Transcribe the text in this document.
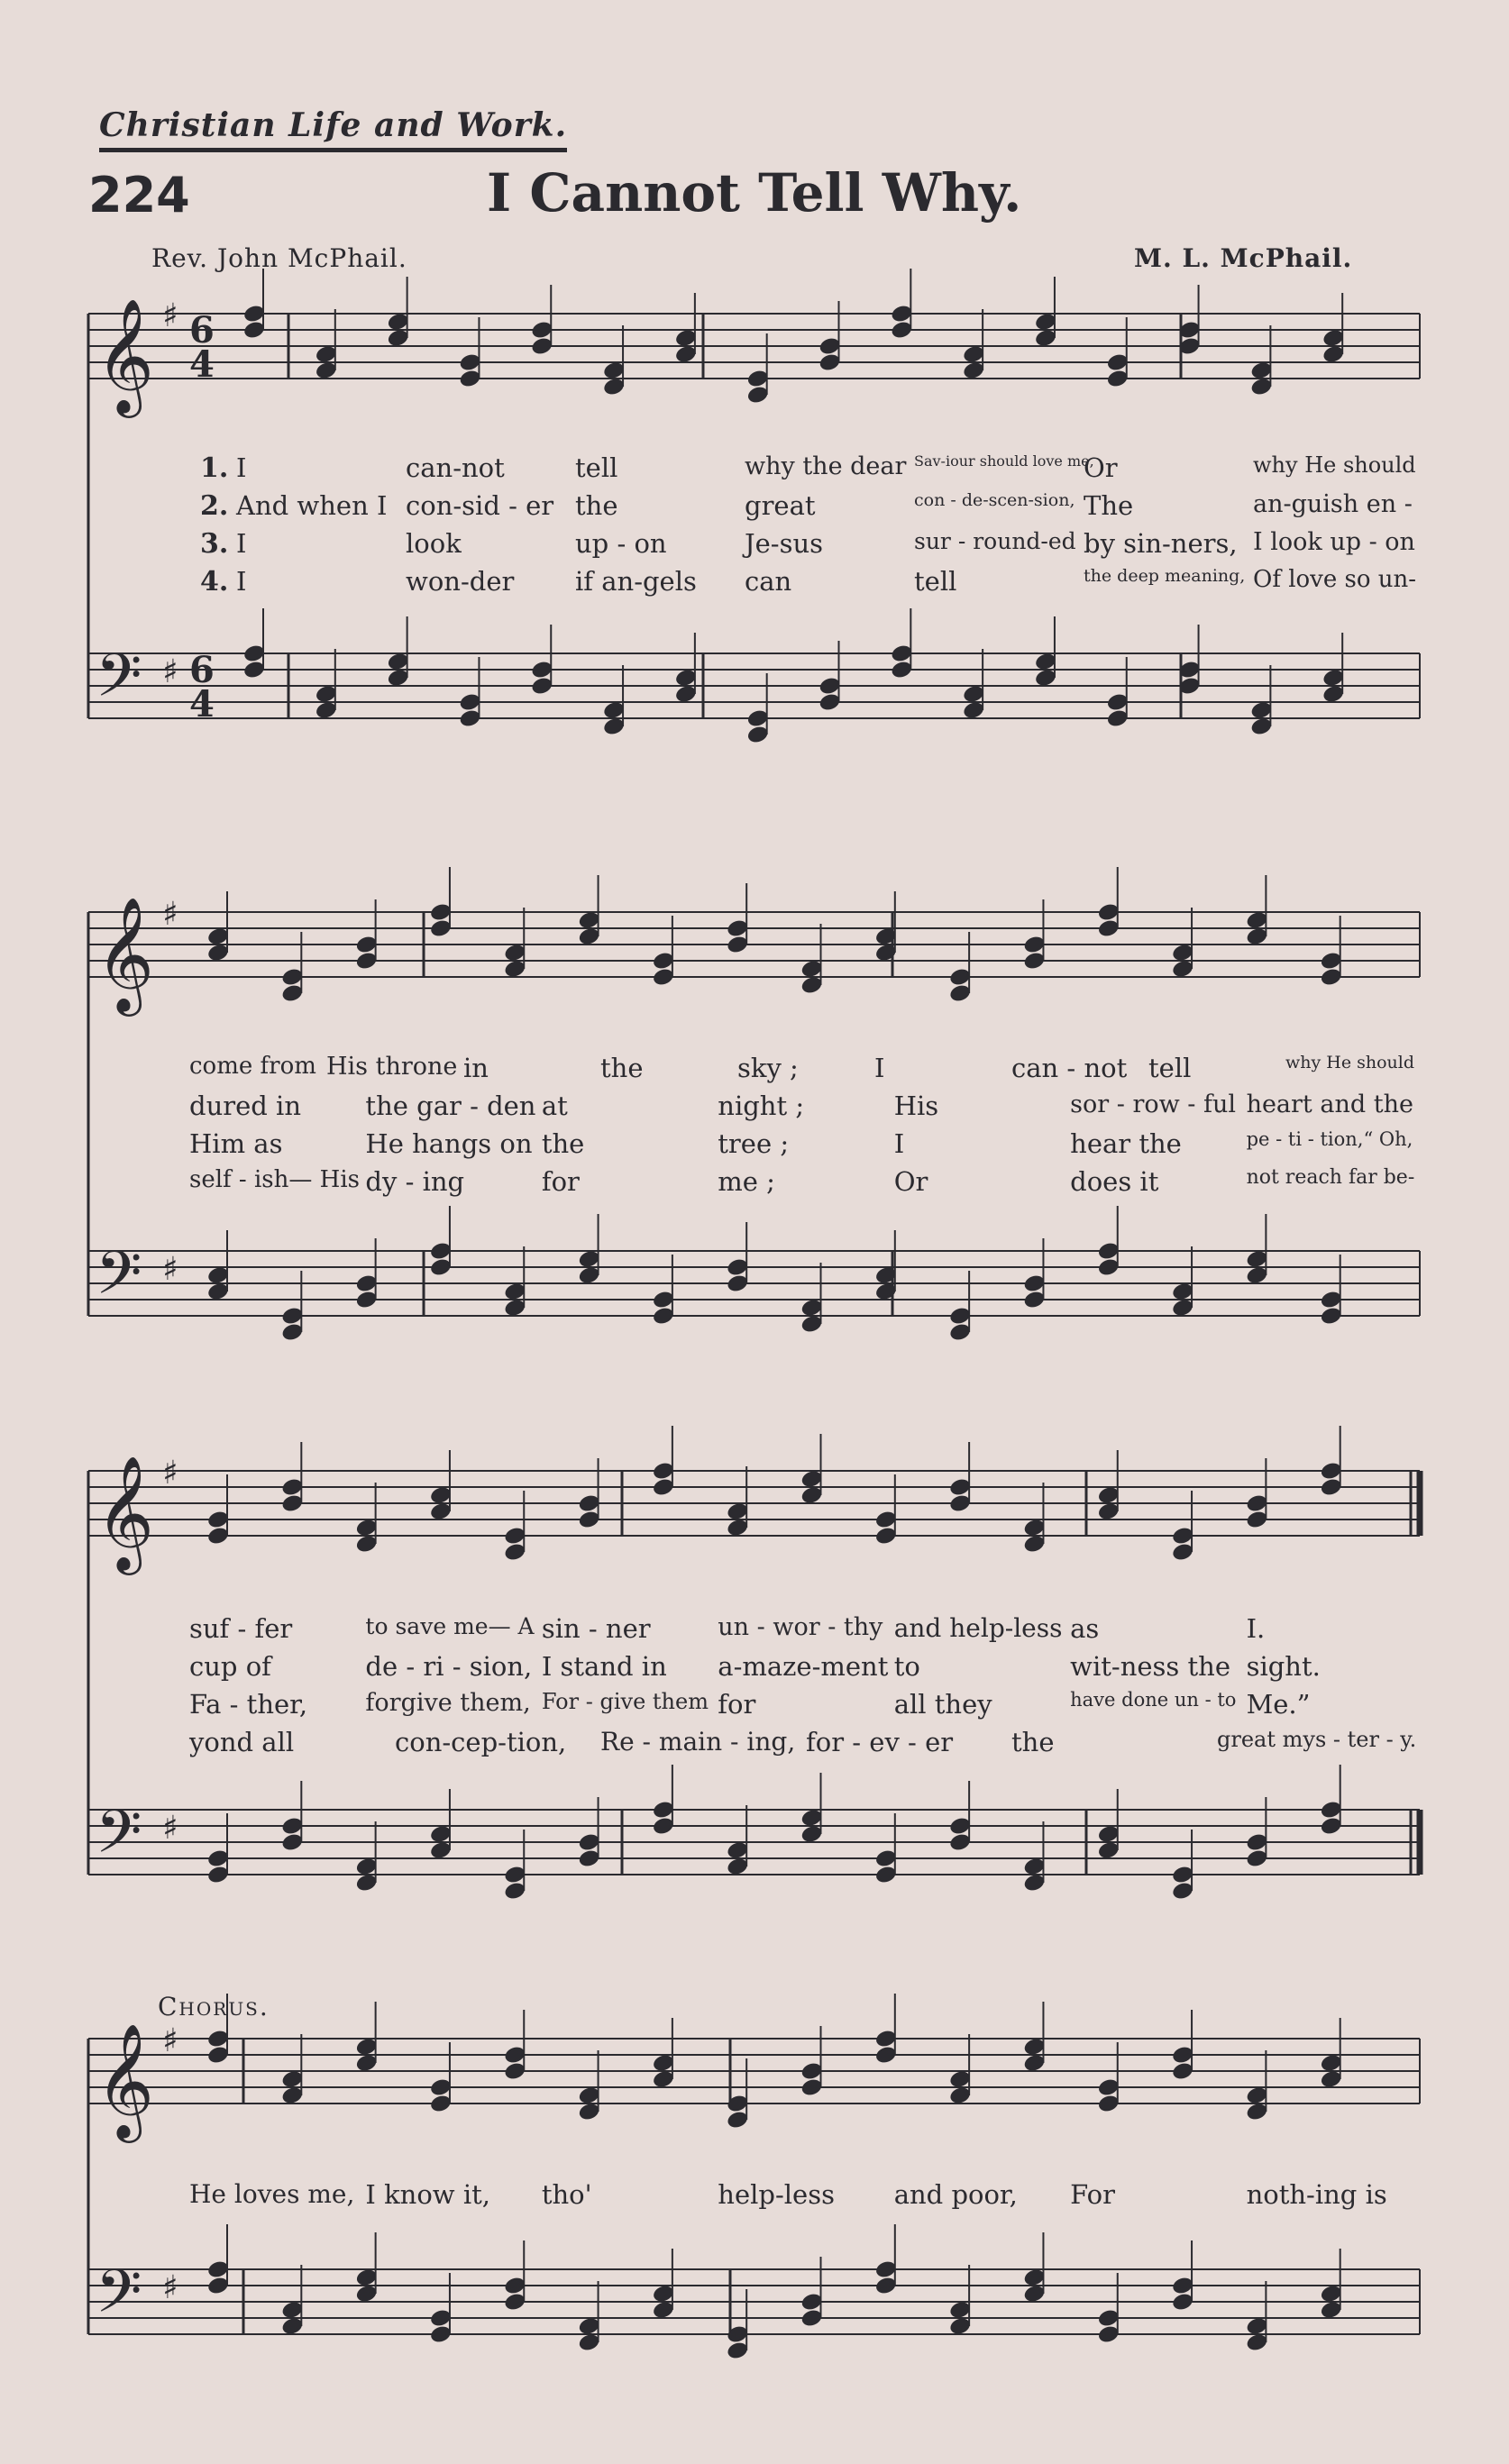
Christian Life and Work.
224	I Cannot Tell Why.
Rev. John McPhail.	M. L. McPhail.
Chorus.
𝄞 ♯ 6
4
𝄢 ♯ 6
4
1. I	can-not	tell	why the dear Sav-iour should love me,
Or	why He should
2. And when I con-sid - er the	great	con - de-scen-sion, The	an-guish en -
3. I	look	up - on	Je-sus	sur - round-ed by sin-ners, I look up - on
4. I	won-der if an-gels can	tell	the deep meaning, Of love so un-
𝄞 ♯
𝄢 ♯
come from His throne in	the	sky ;	I	can - not tell	why He should
dured in the gar - den at	night ;	His	sor - row - ful heart and the
Him as	He hangs on the	tree ;	I	hear the	pe - ti - tion,“ Oh,
self - ish— His dy - ing	for	me ;	Or	does it	not reach far be-
𝄞 ♯
𝄢 ♯
suf - fer	to save me— A sin - ner	un - wor - thy and help-less as	I.
cup of	de - ri - sion, I stand in a-maze-ment to	wit-ness the sight.
Fa - ther, forgive them, For - give them for	all they	have done un - to Me.”
yond all	con-cep-tion, Re - main - ing, for - ev - er the	great mys - ter - y.
𝄞 ♯
𝄢 ♯
He loves me, I know it, tho'	help-less and poor, For	noth-ing is
